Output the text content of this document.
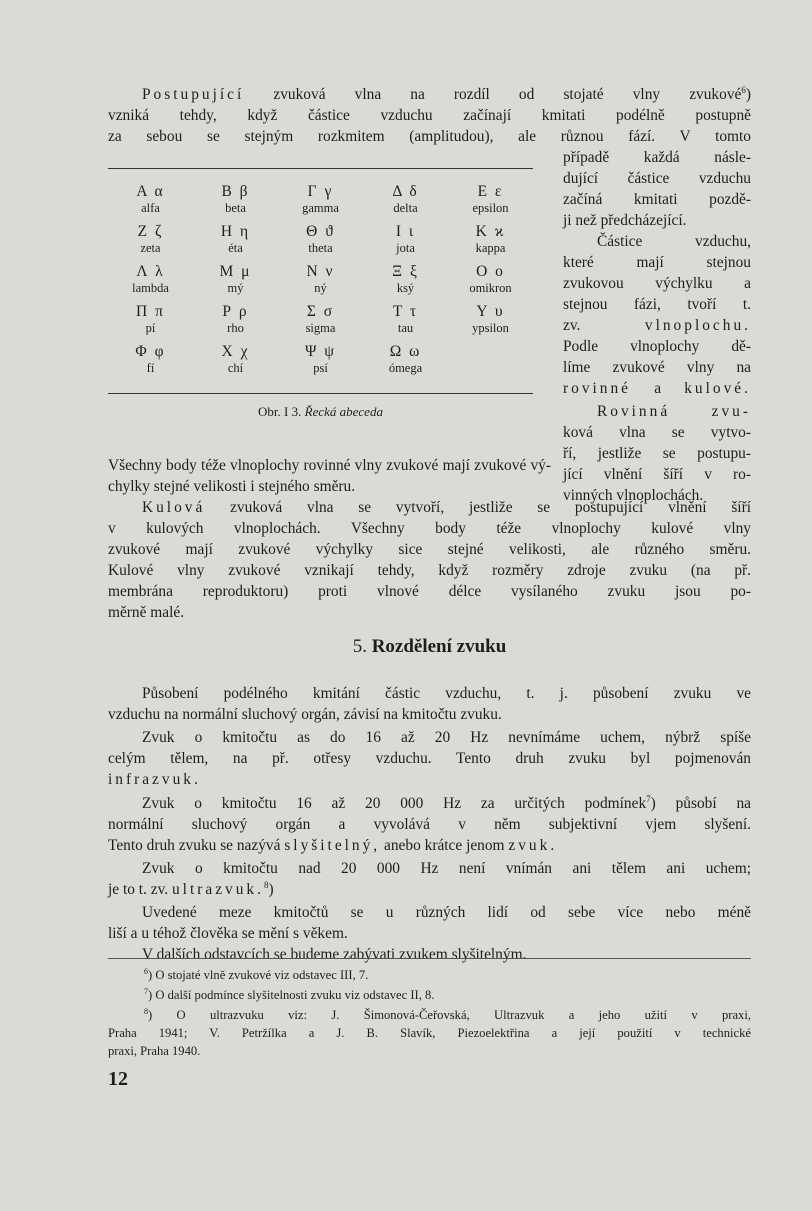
Postupující zvuková vlna na rozdíl od stojaté vlny zvukové$^6$)

vzniká tehdy, když částice vzduchu začínají kmitati podélně postupně

za sebou se stejným rozkmitem (amplitudou), ale různou fází. V tomto

případě každá násle-

dující částice vzduchu

začíná kmitati pozdě-

ji než předcházející.

Částice vzduchu,

které mají stejnou

zvukovou výchylku a

stejnou fázi, tvoří t.

zv.	vlnoplochu.

Podle vlnoplochy dě-

líme zvukové vlny na

rovinné a kulové.

Rovinná zvu-

ková vlna se vytvo-

ří, jestliže se postupu-

jící vlnění šíří v ro-

vinných vlnoplochách.

Α α
alfa
Β β
beta
Γ γ
gamma
Δ δ
delta
Ε ε
epsilon
Ζ ζ
zeta
Η η
éta
Θ ϑ
theta
Ι ι
jota
Κ ϰ
kappa
Λ λ
lambda
Μ μ
mý
Ν ν
ný
Ξ ξ
ksý
Ο ο
omikron
Π π
pí
Ρ ρ
rho
Σ σ
sigma
Τ τ
tau
Υ υ
ypsilon
Φ φ
fí
Χ χ
chí
Ψ ψ
psí
Ω ω
ómega
Obr. I 3. Řecká abeceda

Všechny body téže vlnoplochy rovinné vlny zvukové mají zvukové vý-

chylky stejné velikosti i stejného směru.

Kulová zvuková vlna se vytvoří, jestliže se postupující vlnění šíří

v kulových vlnoplochách. Všechny body téže vlnoplochy kulové vlny

zvukové mají zvukové výchylky sice stejné velikosti, ale různého směru.

Kulové vlny zvukové vznikají tehdy, když rozměry zdroje zvuku (na př.

membrána reproduktoru) proti vlnové délce vysílaného zvuku jsou po-

měrně malé.

5. Rozdělení zvuku

Působení podélného kmitání částic vzduchu, t. j. působení zvuku ve

vzduchu na normální sluchový orgán, závisí na kmitočtu zvuku.

Zvuk o kmitočtu as do 16 až 20 Hz nevnímáme uchem, nýbrž spíše

celým tělem, na př. otřesy vzduchu. Tento druh zvuku byl pojmenován

infrazvuk.

Zvuk o kmitočtu 16 až 20 000 Hz za určitých podmínek$^7$) působí na

normální sluchový orgán a vyvolává v něm subjektivní vjem slyšení.

Tento druh zvuku se nazývá slyšitelný, anebo krátce jenom zvuk.

Zvuk o kmitočtu nad 20 000 Hz není vnímán ani tělem ani uchem;

je to t. zv. ultrazvuk.$^8$)

Uvedené meze kmitočtů se u různých lidí od sebe více nebo méně

liší a u téhož člověka se mění s věkem.

V dalších odstavcích se budeme zabývati zvukem slyšitelným.

$^6$) O stojaté vlně zvukové viz odstavec III, 7.

$^7$) O další podmínce slyšitelnosti zvuku viz odstavec II, 8.

$^8$) O ultrazvuku viz: J. Šimonová-Čeřovská, Ultrazvuk a jeho užití v praxi,

Praha 1941; V. Petržílka a J. B. Slavík, Piezoelektřina a její použití v technické

praxi, Praha 1940.

12
